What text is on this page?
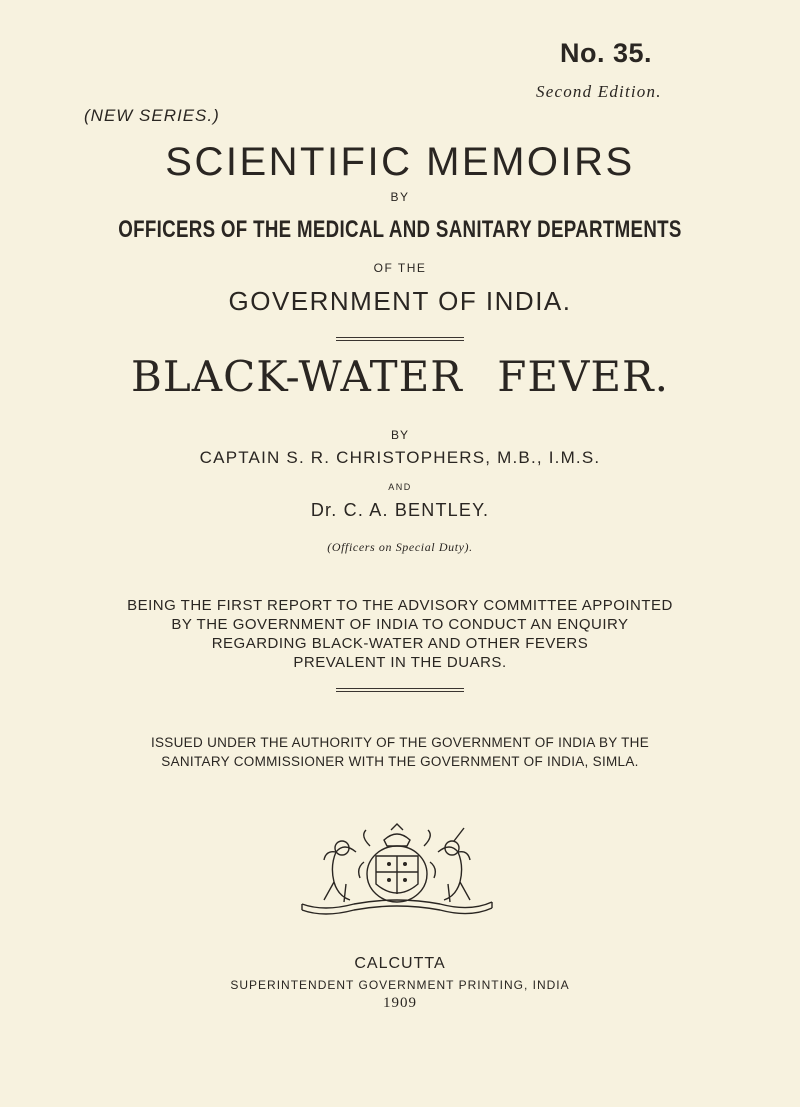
No. 35.
Second Edition.
(NEW SERIES.)
SCIENTIFIC MEMOIRS
BY
OFFICERS OF THE MEDICAL AND SANITARY DEPARTMENTS
OF THE
GOVERNMENT OF INDIA.
BLACK-WATER FEVER.
BY
CAPTAIN S. R. CHRISTOPHERS, M.B., I.M.S.
AND
Dr. C. A. BENTLEY.
(Officers on Special Duty).
BEING THE FIRST REPORT TO THE ADVISORY COMMITTEE APPOINTED
BY THE GOVERNMENT OF INDIA TO CONDUCT AN ENQUIRY
REGARDING BLACK-WATER AND OTHER FEVERS
PREVALENT IN THE DUARS.
ISSUED UNDER THE AUTHORITY OF THE GOVERNMENT OF INDIA BY THE
SANITARY COMMISSIONER WITH THE GOVERNMENT OF INDIA, SIMLA.
CALCUTTA
SUPERINTENDENT GOVERNMENT PRINTING, INDIA
1909
